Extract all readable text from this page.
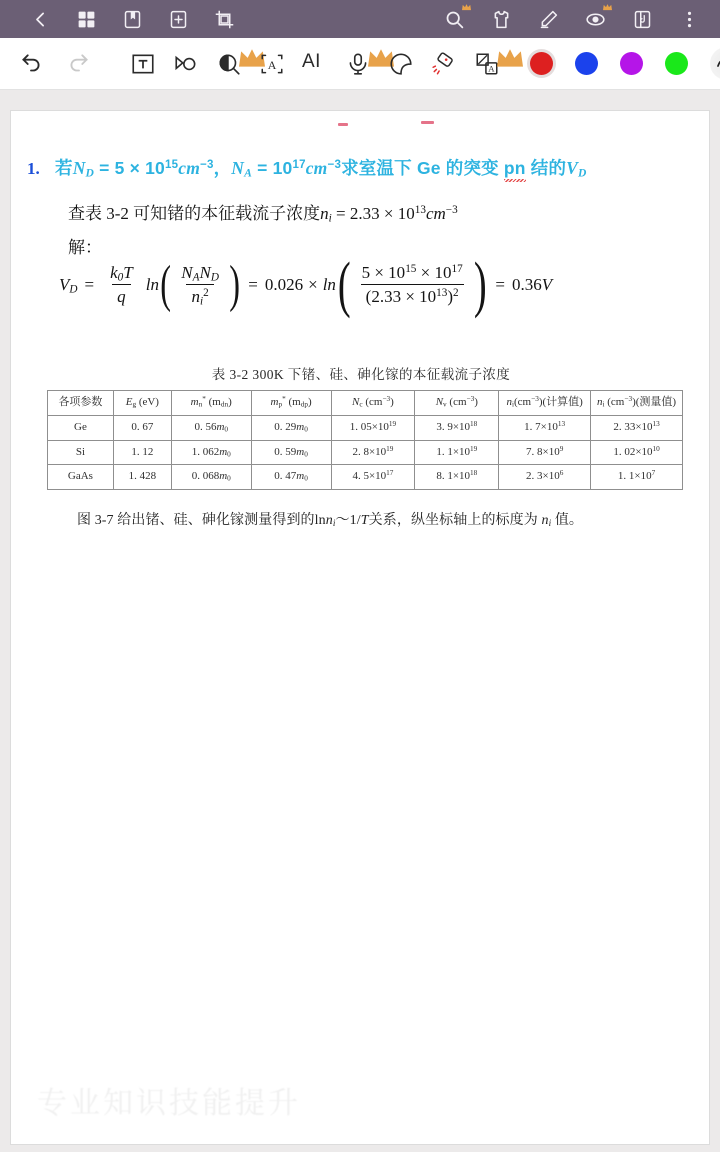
A AI	A
1. 若$N_D = 5 \times 10^{15}cm^{-3}$，$N_A = 10^{17}cm^{-3}$求室温下 Ge 的突变 pn 结的$V_D$
查表 3-2 可知锗的本征载流子浓度$n_i = 2.33 \times 10^{13}cm^{-3}$
解：
V $_D = \frac{k_0T}{q}$ ln ( $\frac{N_AN_D}{n_i^2}$ ) = 0.026 × ln ( $\frac{5 \times 10^{15} \times 10^{17}}{(2.33 \times 10^{13})^2}$ ) = 0.36 V
表 3-2 300K 下锗、硅、砷化镓的本征载流子浓度
各项参数	$E_g$ (eV)	$m_n^*$ $(m_{dn})$	$m_p^*$ $(m_{dp})$	$N_c$ $(cm^{-3})$	$N_v$ $(cm^{-3})$	$n_i(cm^{-3})$(计算值)	$n_i$ $(cm^{-3})$(测量值)
Ge	0. 67	0. $56m_0$	0. $29m_0$	1. $05\times 10^{19}$	3. $9\times 10^{18}$	1. $7\times 10^{13}$	2. $33\times 10^{13}$
Si	1. 12	1. $062m_0$	0. $59m_0$	2. $8\times 10^{19}$	1. $1\times 10^{19}$	7. $8\times 10^9$	1. $02\times 10^{10}$
GaAs	1. 428	0. $068m_0$	0. $47m_0$	4. $5\times 10^{17}$	8. $1\times 10^{18}$	2. $3\times 10^6$	1. $1\times 10^7$
图 3-7 给出锗、硅、砷化镓测量得到的lnn$_i$～1/T关系，纵坐标轴上的标度为 $n_i$ 值。
专业知识技能提升
